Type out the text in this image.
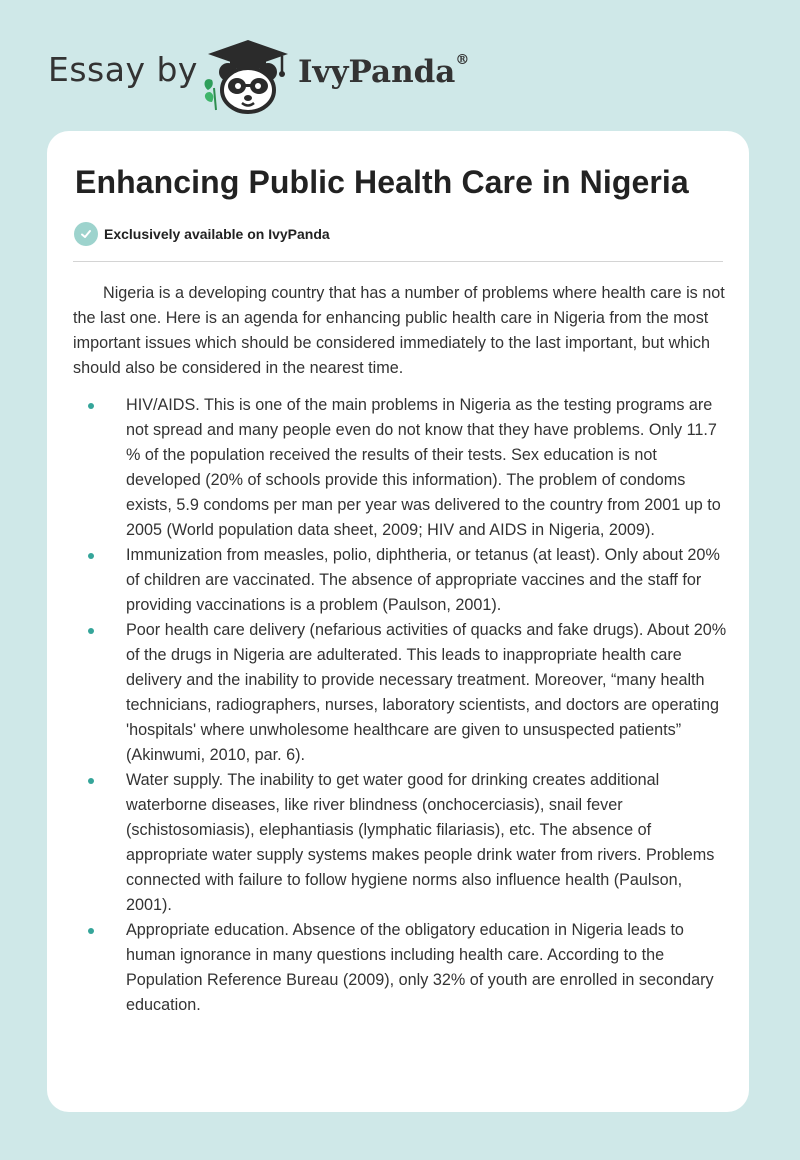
Essay by	IvyPanda®
Enhancing Public Health Care in Nigeria
Exclusively available on IvyPanda

Nigeria is a developing country that has a number of problems where health care is not the last one. Here is an agenda for enhancing public health care in Nigeria from the most important issues which should be considered immediately to the last important, but which should also be considered in the nearest time.

HIV/AIDS. This is one of the main problems in Nigeria as the testing programs are not spread and many people even do not know that they have problems. Only 11.7 % of the population received the results of their tests. Sex education is not developed (20% of schools provide this information). The problem of condoms exists, 5.9 condoms per man per year was delivered to the country from 2001 up to 2005 (World population data sheet, 2009; HIV and AIDS in Nigeria, 2009).
Immunization from measles, polio, diphtheria, or tetanus (at least). Only about 20% of children are vaccinated. The absence of appropriate vaccines and the staff for providing vaccinations is a problem (Paulson, 2001).
Poor health care delivery (nefarious activities of quacks and fake drugs). About 20% of the drugs in Nigeria are adulterated. This leads to inappropriate health care delivery and the inability to provide necessary treatment. Moreover, “many health technicians, radiographers, nurses, laboratory scientists, and doctors are operating 'hospitals' where unwholesome healthcare are given to unsuspected patients” (Akinwumi, 2010, par. 6).
Water supply. The inability to get water good for drinking creates additional waterborne diseases, like river blindness (onchocerciasis), snail fever (schistosomiasis), elephantiasis (lymphatic filariasis), etc. The absence of appropriate water supply systems makes people drink water from rivers. Problems connected with failure to follow hygiene norms also influence health (Paulson, 2001).
Appropriate education. Absence of the obligatory education in Nigeria leads to human ignorance in many questions including health care. According to the Population Reference Bureau (2009), only 32% of youth are enrolled in secondary education.
